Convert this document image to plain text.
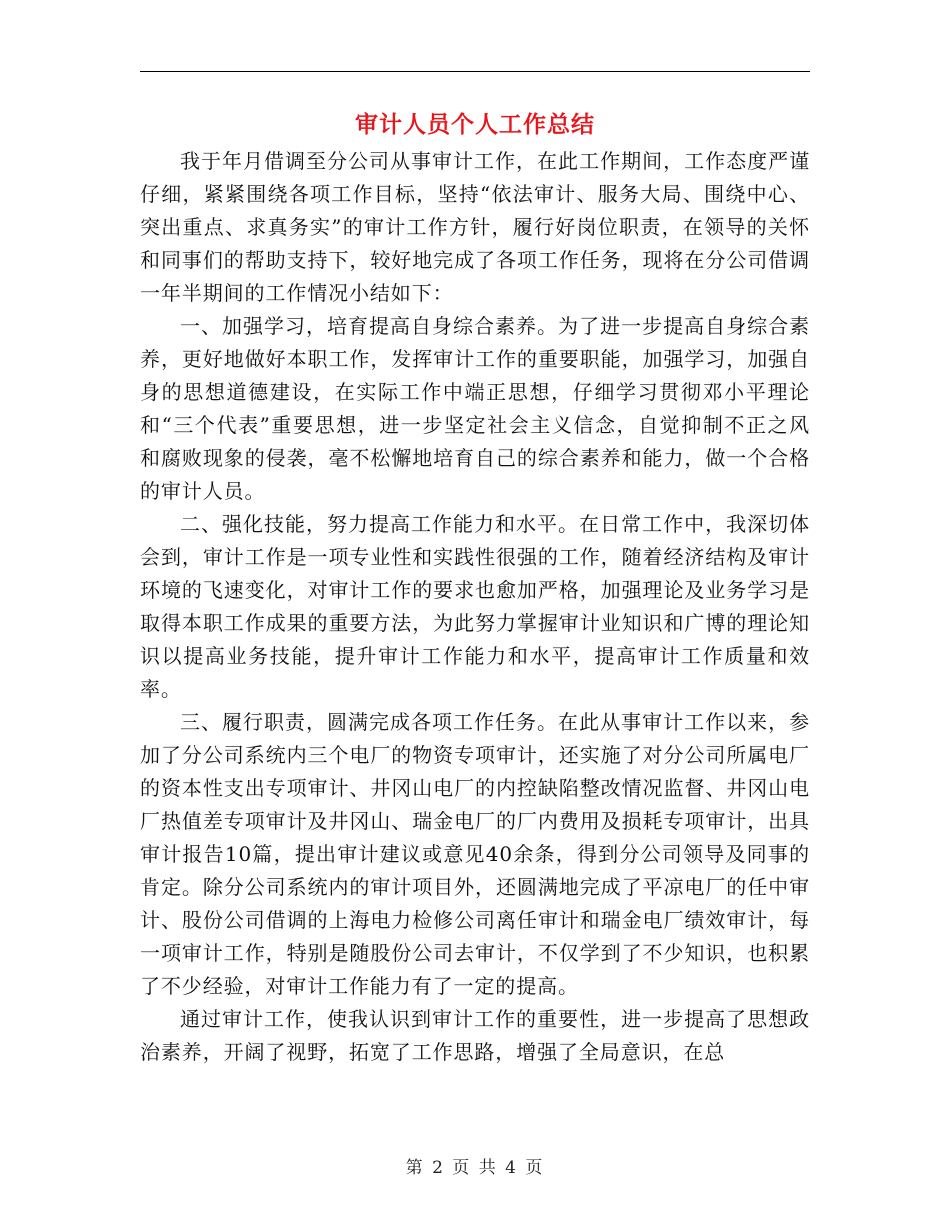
审计人员个人工作总结

我于年月借调至分公司从事审计工作，在此工作期间，工作态度严谨仔细，紧紧围绕各项工作目标，坚持“依法审计、服务大局、围绕中心、突出重点、求真务实”的审计工作方针，履行好岗位职责，在领导的关怀和同事们的帮助支持下，较好地完成了各项工作任务，现将在分公司借调一年半期间的工作情况小结如下：

一、加强学习，培育提高自身综合素养。为了进一步提高自身综合素养，更好地做好本职工作，发挥审计工作的重要职能，加强学习，加强自身的思想道德建设，在实际工作中端正思想，仔细学习贯彻邓小平理论和“三个代表”重要思想，进一步坚定社会主义信念，自觉抑制不正之风和腐败现象的侵袭，毫不松懈地培育自己的综合素养和能力，做一个合格的审计人员。

二、强化技能，努力提高工作能力和水平。在日常工作中，我深切体会到，审计工作是一项专业性和实践性很强的工作，随着经济结构及审计环境的飞速变化，对审计工作的要求也愈加严格，加强理论及业务学习是取得本职工作成果的重要方法，为此努力掌握审计业知识和广博的理论知识以提高业务技能，提升审计工作能力和水平，提高审计工作质量和效率。

三、履行职责，圆满完成各项工作任务。在此从事审计工作以来，参加了分公司系统内三个电厂的物资专项审计，还实施了对分公司所属电厂的资本性支出专项审计、井冈山电厂的内控缺陷整改情况监督、井冈山电厂热值差专项审计及井冈山、瑞金电厂的厂内费用及损耗专项审计，出具审计报告10篇，提出审计建议或意见40余条，得到分公司领导及同事的肯定。除分公司系统内的审计项目外，还圆满地完成了平凉电厂的任中审计、股份公司借调的上海电力检修公司离任审计和瑞金电厂绩效审计，每一项审计工作，特别是随股份公司去审计，不仅学到了不少知识，也积累了不少经验，对审计工作能力有了一定的提高。

通过审计工作，使我认识到审计工作的重要性，进一步提高了思想政治素养，开阔了视野，拓宽了工作思路，增强了全局意识，在总

第 2 页 共 4 页
